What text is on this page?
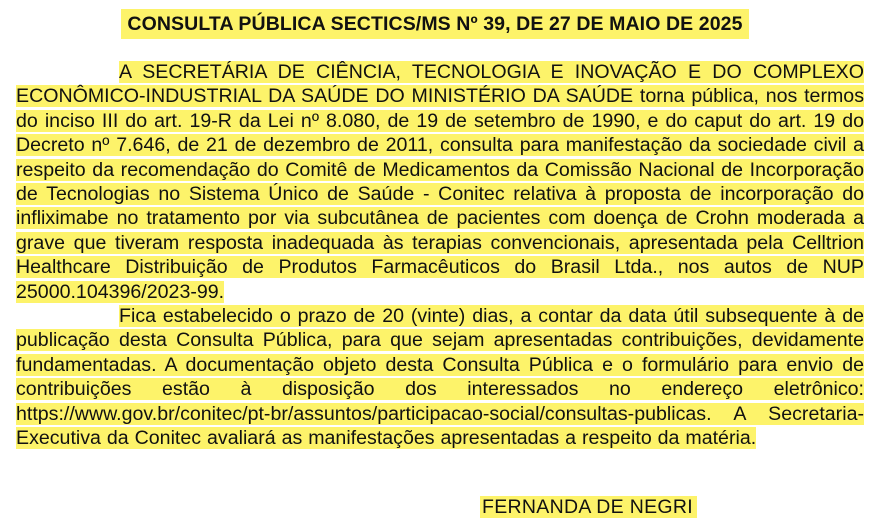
CONSULTA PÚBLICA SECTICS/MS Nº 39, DE 27 DE MAIO DE 2025

A SECRETÁRIA DE CIÊNCIA, TECNOLOGIA E INOVAÇÃO E DO COMPLEXO ECONÔMICO-INDUSTRIAL DA SAÚDE DO MINISTÉRIO DA SAÚDE torna pública, nos termos do inciso III do art. 19-R da Lei nº 8.080, de 19 de setembro de 1990, e do caput do art. 19 do Decreto nº 7.646, de 21 de dezembro de 2011, consulta para manifestação da sociedade civil a respeito da recomendação do Comitê de Medicamentos da Comissão Nacional de Incorporação de Tecnologias no Sistema Único de Saúde - Conitec relativa à proposta de incorporação do infliximabe no tratamento por via subcutânea de pacientes com doença de Crohn moderada a grave que tiveram resposta inadequada às terapias convencionais, apresentada pela Celltrion Healthcare Distribuição de Produtos Farmacêuticos do Brasil Ltda., nos autos de NUP 25000.104396/2023-99.

Fica estabelecido o prazo de 20 (vinte) dias, a contar da data útil subsequente à de publicação desta Consulta Pública, para que sejam apresentadas contribuições, devidamente fundamentadas. A documentação objeto desta Consulta Pública e o formulário para envio de contribuições estão à disposição dos interessados no endereço eletrônico: https://www.gov.br/conitec/pt-br/assuntos/participacao-social/consultas-publicas. A Secretaria-Executiva da Conitec avaliará as manifestações apresentadas a respeito da matéria.

FERNANDA DE NEGRI
